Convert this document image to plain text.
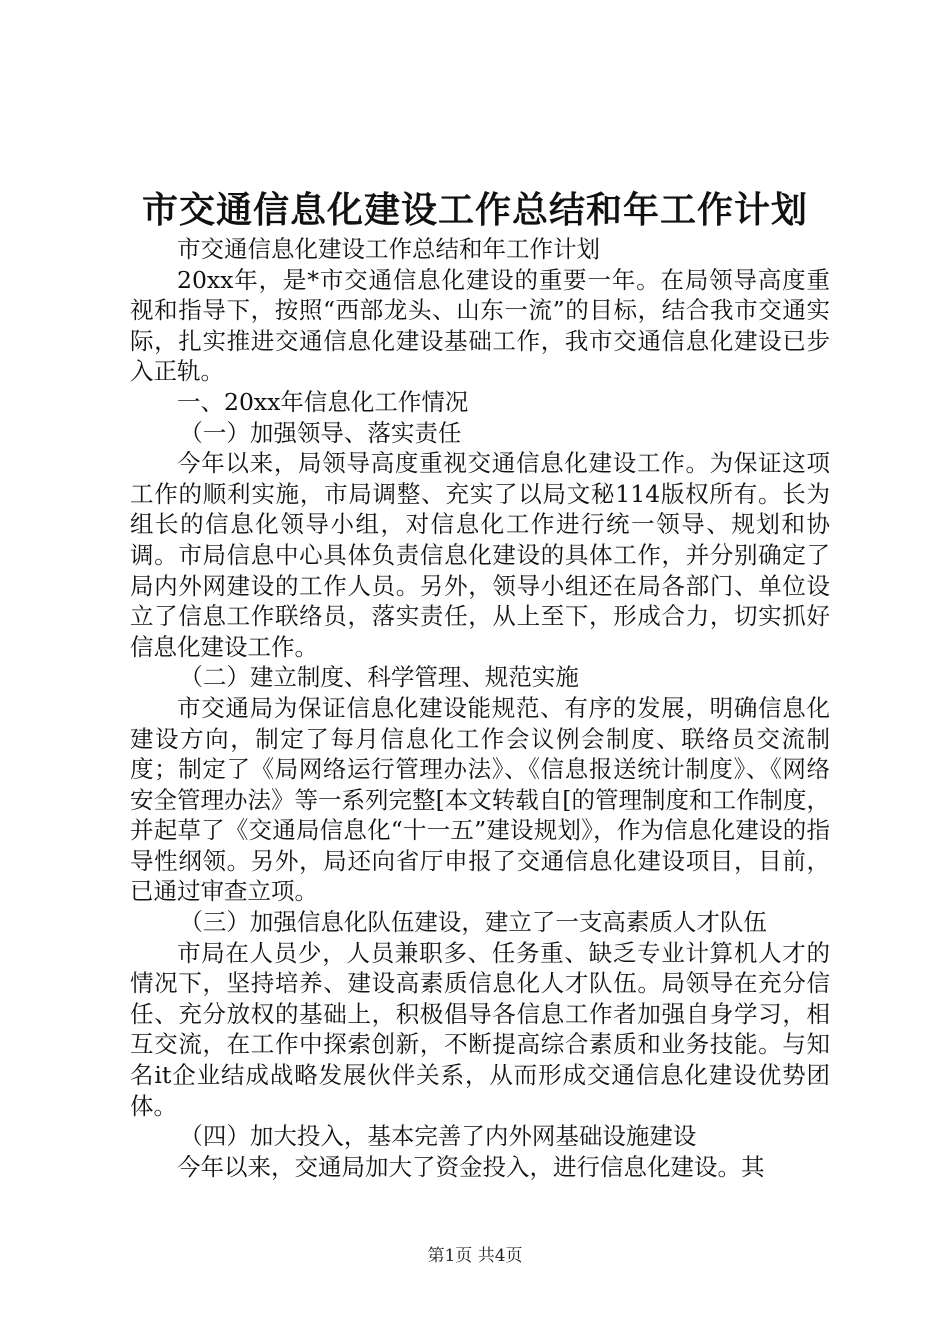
市交通信息化建设工作总结和年工作计划

市交通信息化建设工作总结和年工作计划

20xx年，是*市交通信息化建设的重要一年。在局领导高度重视和指导下，按照“西部龙头、山东一流”的目标，结合我市交通实际，扎实推进交通信息化建设基础工作，我市交通信息化建设已步入正轨。

一、20xx年信息化工作情况

（一）加强领导、落实责任

今年以来，局领导高度重视交通信息化建设工作。为保证这项工作的顺利实施，市局调整、充实了以局文秘114版权所有。长为组长的信息化领导小组，对信息化工作进行统一领导、规划和协调。市局信息中心具体负责信息化建设的具体工作，并分别确定了局内外网建设的工作人员。另外，领导小组还在局各部门、单位设立了信息工作联络员，落实责任，从上至下，形成合力，切实抓好信息化建设工作。

（二）建立制度、科学管理、规范实施

市交通局为保证信息化建设能规范、有序的发展，明确信息化建设方向，制定了每月信息化工作会议例会制度、联络员交流制度；制定了《局网络运行管理办法》、《信息报送统计制度》、《网络安全管理办法》等一系列完整[本文转载自[的管理制度和工作制度，并起草了《交通局信息化“十一五”建设规划》，作为信息化建设的指导性纲领。另外，局还向省厅申报了交通信息化建设项目，目前，已通过审查立项。

（三）加强信息化队伍建设，建立了一支高素质人才队伍

市局在人员少，人员兼职多、任务重、缺乏专业计算机人才的情况下，坚持培养、建设高素质信息化人才队伍。局领导在充分信任、充分放权的基础上，积极倡导各信息工作者加强自身学习，相互交流，在工作中探索创新，不断提高综合素质和业务技能。与知名it企业结成战略发展伙伴关系，从而形成交通信息化建设优势团体。

（四）加大投入，基本完善了内外网基础设施建设

今年以来，交通局加大了资金投入，进行信息化建设。其

第1页 共4页
